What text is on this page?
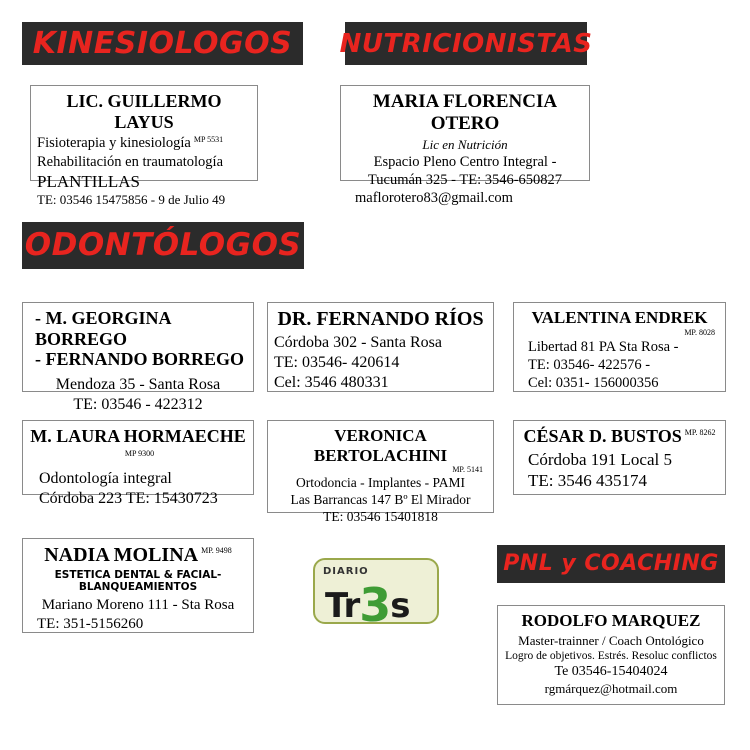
KINESIOLOGOS
LIC. GUILLERMO LAYUS
Fisioterapia y kinesiología MP 5531
Rehabilitación en traumatología
PLANTILLAS
TE: 03546 15475856 - 9 de Julio 49
NUTRICIONISTAS
MARIA FLORENCIA OTERO
Lic en Nutrición
Espacio Pleno Centro Integral -
Tucumán 325 - TE: 3546-650827
maflorotero83@gmail.com
ODONTÓLOGOS
- M. GEORGINA BORREGO
- FERNANDO BORREGO
Mendoza 35 - Santa Rosa
TE: 03546 - 422312
DR. FERNANDO RÍOS
Córdoba 302 - Santa Rosa
TE: 03546- 420614
Cel: 3546 480331
VALENTINA ENDREK
MP. 8028
Libertad 81 PA Sta Rosa -
TE: 03546- 422576 -
Cel: 0351- 156000356
M. LAURA HORMAECHEMP 9300
Odontología integral
Córdoba 223 TE: 15430723
VERONICA BERTOLACHINI
MP. 5141
Ortodoncia - Implantes - PAMI
Las Barrancas 147 Bº El Mirador
TE: 03546 15401818
CÉSAR D. BUSTOS MP. 8262
Córdoba 191 Local 5
TE: 3546 435174
NADIA MOLINA MP. 9498
ESTETICA DENTAL & FACIAL- BLANQUEAMIENTOS
Mariano Moreno 111 - Sta Rosa
TE: 351-5156260
DIARIO
Tr3s
PNL y COACHING
RODOLFO MARQUEZ
Master-trainner / Coach Ontológico
Logro de objetivos. Estrés. Resoluc conflictos
Te 03546-15404024
rgmárquez@hotmail.com
